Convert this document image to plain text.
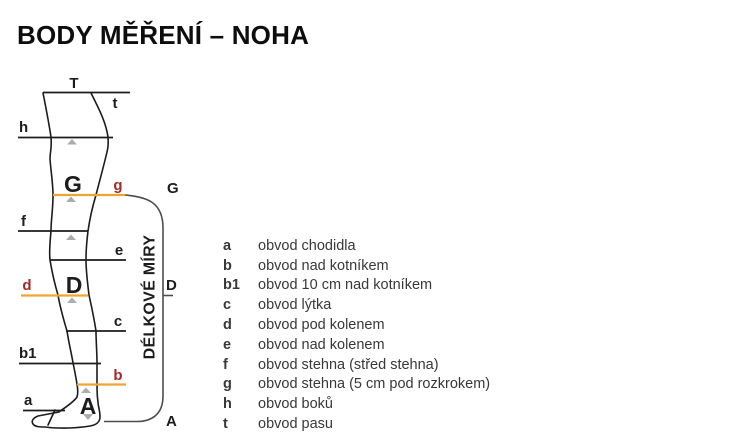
BODY MĚŘENÍ – NOHA
T
t
h
f
b1
a
e
c
g
d
b
G
D
A
G
D
A
DÉLKOVÉ MÍRY	a	obvod chodidla
b	obvod nad kotníkem
b1	obvod 10 cm nad kotníkem
c	obvod lýtka
d	obvod pod kolenem
e	obvod nad kolenem
f	obvod stehna (střed stehna)
g	obvod stehna (5 cm pod rozkrokem)
h	obvod boků
t	obvod pasu
